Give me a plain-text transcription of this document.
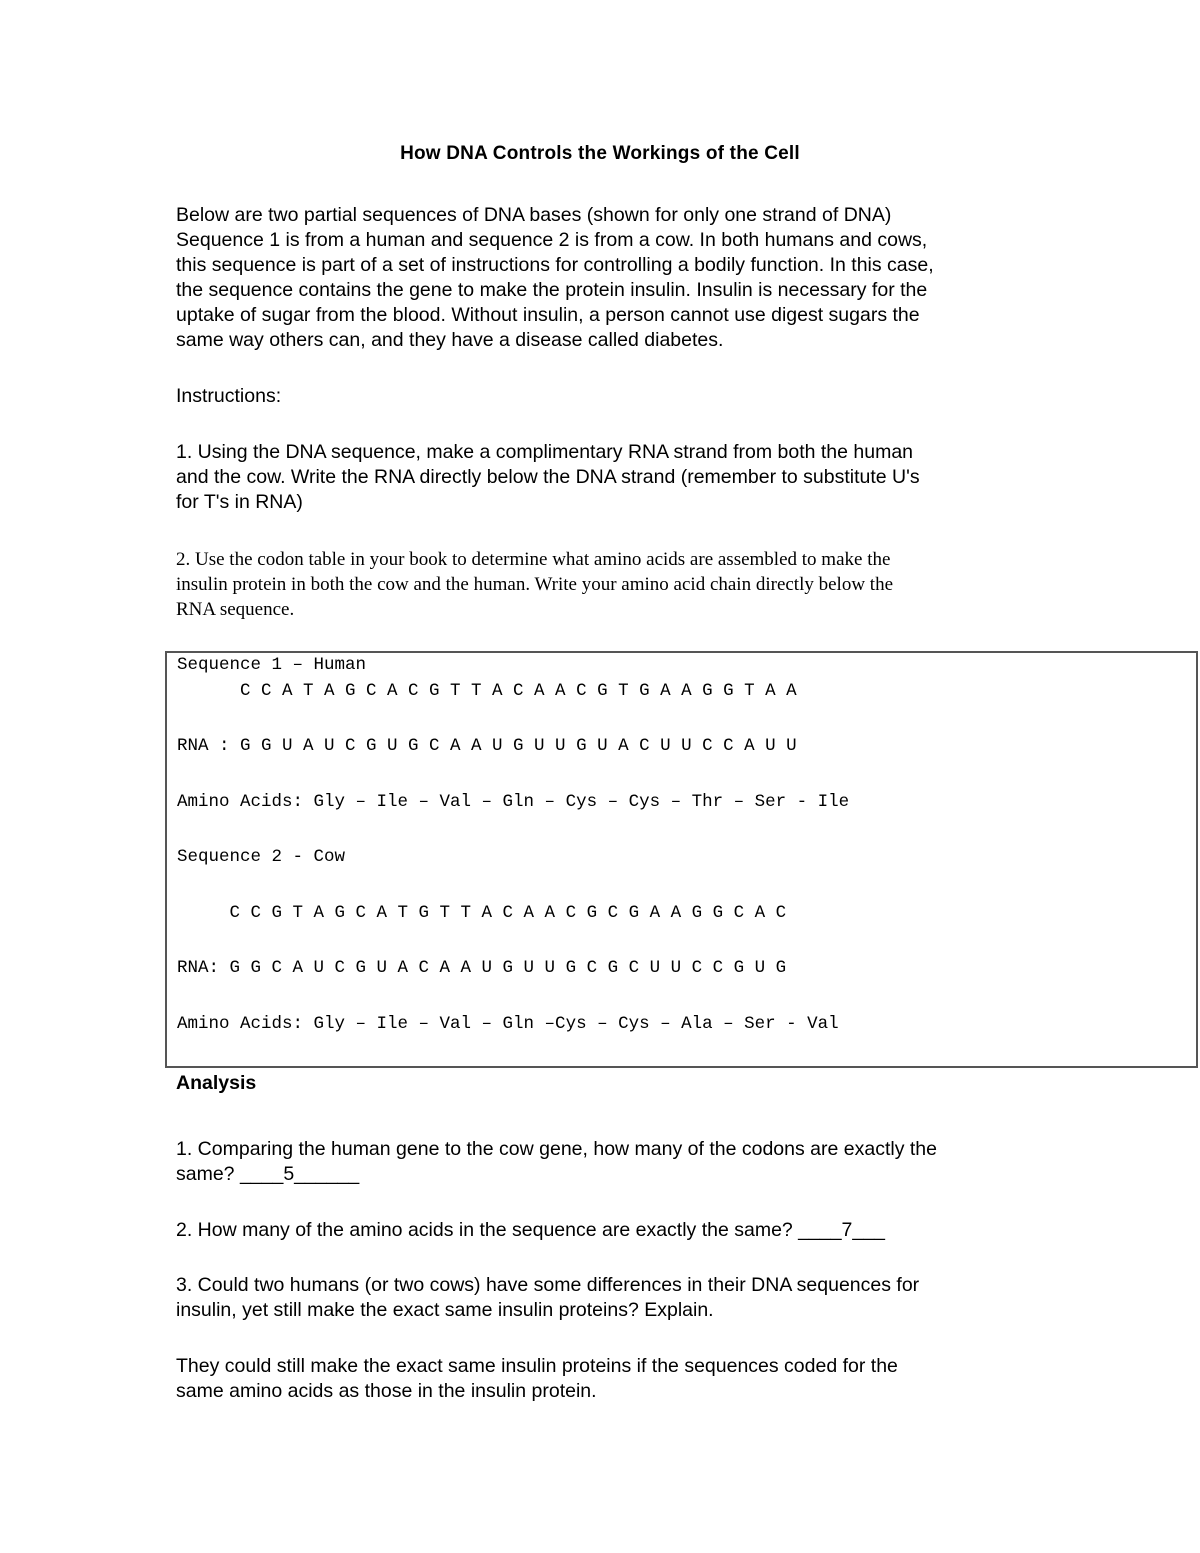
How DNA Controls the Workings of the Cell
Below are two partial sequences of DNA bases (shown for only one strand of DNA)
Sequence 1 is from a human and sequence 2 is from a cow. In both humans and cows,
this sequence is part of a set of instructions for controlling a bodily function. In this case,
the sequence contains the gene to make the protein insulin. Insulin is necessary for the
uptake of sugar from the blood. Without insulin, a person cannot use digest sugars the
same way others can, and they have a disease called diabetes.
Instructions:
1. Using the DNA sequence, make a complimentary RNA strand from both the human
and the cow. Write the RNA directly below the DNA strand (remember to substitute U's
for T's in RNA)
2. Use the codon table in your book to determine what amino acids are assembled to make the
insulin protein in both the cow and the human. Write your amino acid chain directly below the
RNA sequence.
Sequence 1 – Human
C C A T A G C A C G T T A C A A C G T G A A G G T A A
RNA : G G U A U C G U G C A A U G U U G U A C U U C C A U U
Amino Acids: Gly – Ile – Val – Gln – Cys – Cys – Thr – Ser - Ile
Sequence 2 - Cow
C C G T A G C A T G T T A C A A C G C G A A G G C A C
RNA: G G C A U C G U A C A A U G U U G C G C U U C C G U G
Amino Acids: Gly – Ile – Val – Gln –Cys – Cys – Ala – Ser - Val
Analysis
1. Comparing the human gene to the cow gene, how many of the codons are exactly the
same? ____5______
2. How many of the amino acids in the sequence are exactly the same? ____7___
3. Could two humans (or two cows) have some differences in their DNA sequences for
insulin, yet still make the exact same insulin proteins? Explain.
They could still make the exact same insulin proteins if the sequences coded for the
same amino acids as those in the insulin protein.
